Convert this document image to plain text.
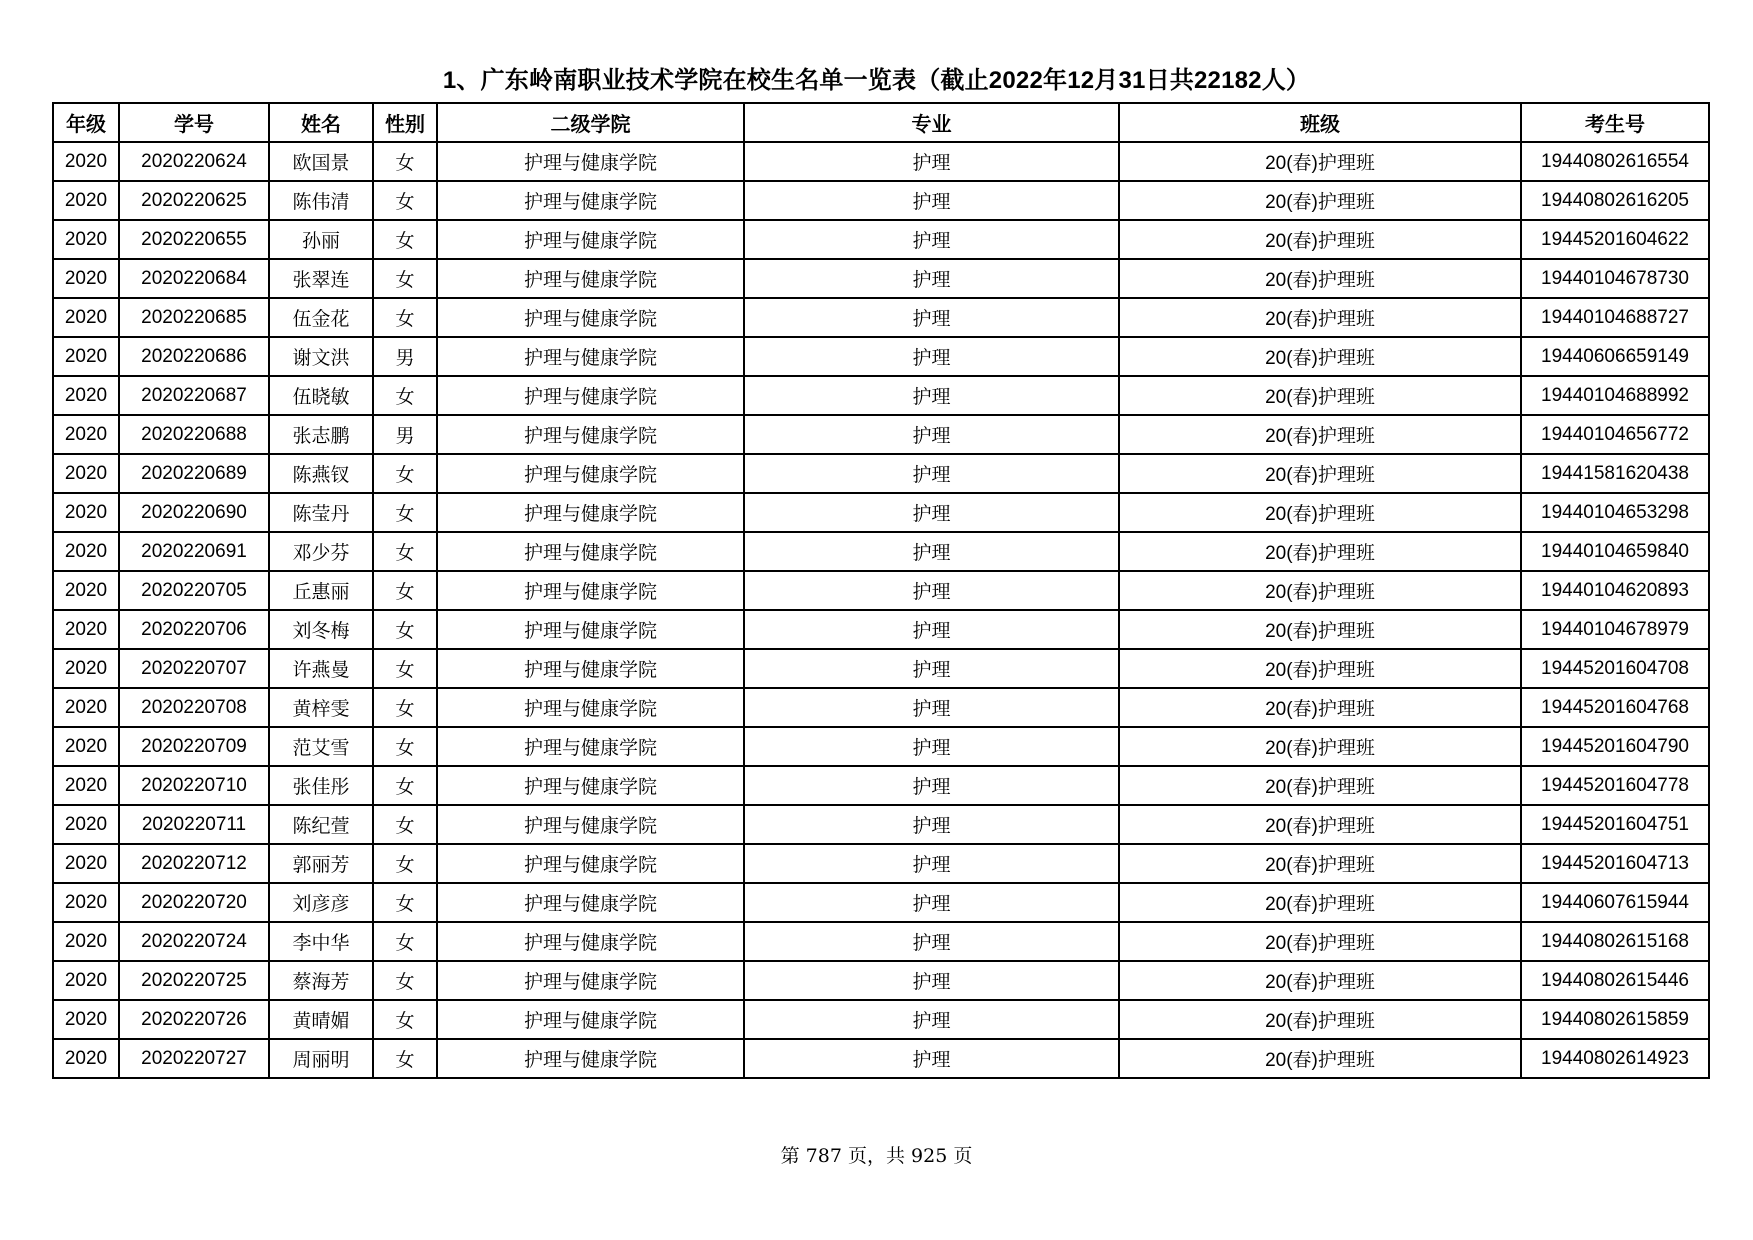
1、广东岭南职业技术学院在校生名单一览表（截止2022年12月31日共22182人）
年级	学号	姓名	性别	二级学院	专业	班级	考生号
2020	2020220624	欧国景	女	护理与健康学院	护理	20(春)护理班	19440802616554
2020	2020220625	陈伟清	女	护理与健康学院	护理	20(春)护理班	19440802616205
2020	2020220655	孙丽	女	护理与健康学院	护理	20(春)护理班	19445201604622
2020	2020220684	张翠连	女	护理与健康学院	护理	20(春)护理班	19440104678730
2020	2020220685	伍金花	女	护理与健康学院	护理	20(春)护理班	19440104688727
2020	2020220686	谢文洪	男	护理与健康学院	护理	20(春)护理班	19440606659149
2020	2020220687	伍晓敏	女	护理与健康学院	护理	20(春)护理班	19440104688992
2020	2020220688	张志鹏	男	护理与健康学院	护理	20(春)护理班	19440104656772
2020	2020220689	陈燕钗	女	护理与健康学院	护理	20(春)护理班	19441581620438
2020	2020220690	陈莹丹	女	护理与健康学院	护理	20(春)护理班	19440104653298
2020	2020220691	邓少芬	女	护理与健康学院	护理	20(春)护理班	19440104659840
2020	2020220705	丘惠丽	女	护理与健康学院	护理	20(春)护理班	19440104620893
2020	2020220706	刘冬梅	女	护理与健康学院	护理	20(春)护理班	19440104678979
2020	2020220707	许燕曼	女	护理与健康学院	护理	20(春)护理班	19445201604708
2020	2020220708	黄梓雯	女	护理与健康学院	护理	20(春)护理班	19445201604768
2020	2020220709	范艾雪	女	护理与健康学院	护理	20(春)护理班	19445201604790
2020	2020220710	张佳彤	女	护理与健康学院	护理	20(春)护理班	19445201604778
2020	2020220711	陈纪萱	女	护理与健康学院	护理	20(春)护理班	19445201604751
2020	2020220712	郭丽芳	女	护理与健康学院	护理	20(春)护理班	19445201604713
2020	2020220720	刘彦彦	女	护理与健康学院	护理	20(春)护理班	19440607615944
2020	2020220724	李中华	女	护理与健康学院	护理	20(春)护理班	19440802615168
2020	2020220725	蔡海芳	女	护理与健康学院	护理	20(春)护理班	19440802615446
2020	2020220726	黄晴媚	女	护理与健康学院	护理	20(春)护理班	19440802615859
2020	2020220727	周丽明	女	护理与健康学院	护理	20(春)护理班	19440802614923
第 787 页，共 925 页
